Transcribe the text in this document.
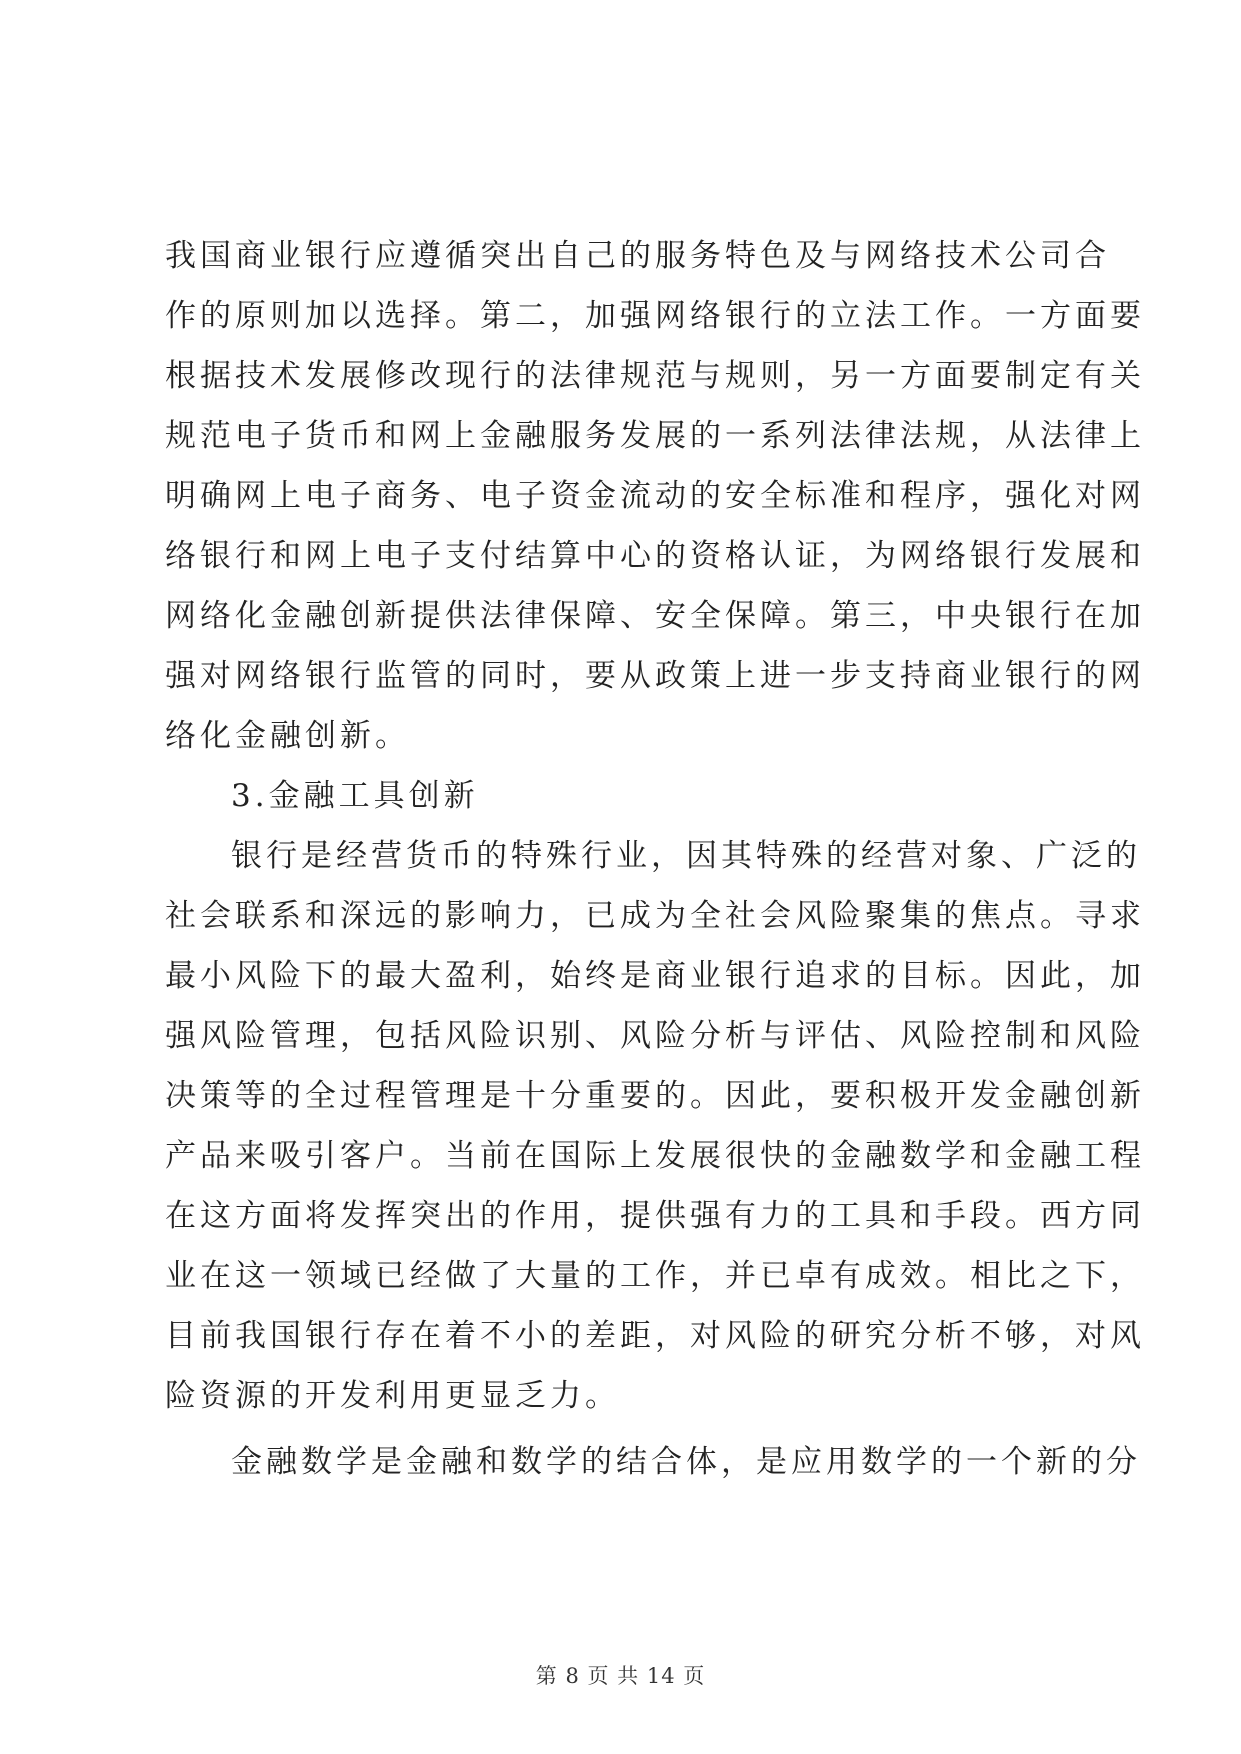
我国商业银行应遵循突出自己的服务特色及与网络技术公司合
作的原则加以选择。第二，加强网络银行的立法工作。一方面要
根据技术发展修改现行的法律规范与规则，另一方面要制定有关
规范电子货币和网上金融服务发展的一系列法律法规，从法律上
明确网上电子商务、电子资金流动的安全标准和程序，强化对网
络银行和网上电子支付结算中心的资格认证，为网络银行发展和
网络化金融创新提供法律保障、安全保障。第三，中央银行在加
强对网络银行监管的同时，要从政策上进一步支持商业银行的网
络化金融创新。
3.金融工具创新
银行是经营货币的特殊行业，因其特殊的经营对象、广泛的
社会联系和深远的影响力，已成为全社会风险聚集的焦点。寻求
最小风险下的最大盈利，始终是商业银行追求的目标。因此，加
强风险管理，包括风险识别、风险分析与评估、风险控制和风险
决策等的全过程管理是十分重要的。因此，要积极开发金融创新
产品来吸引客户。当前在国际上发展很快的金融数学和金融工程
在这方面将发挥突出的作用，提供强有力的工具和手段。西方同
业在这一领域已经做了大量的工作，并已卓有成效。相比之下，
目前我国银行存在着不小的差距，对风险的研究分析不够，对风
险资源的开发利用更显乏力。
金融数学是金融和数学的结合体，是应用数学的一个新的分
第 8 页 共 14 页
